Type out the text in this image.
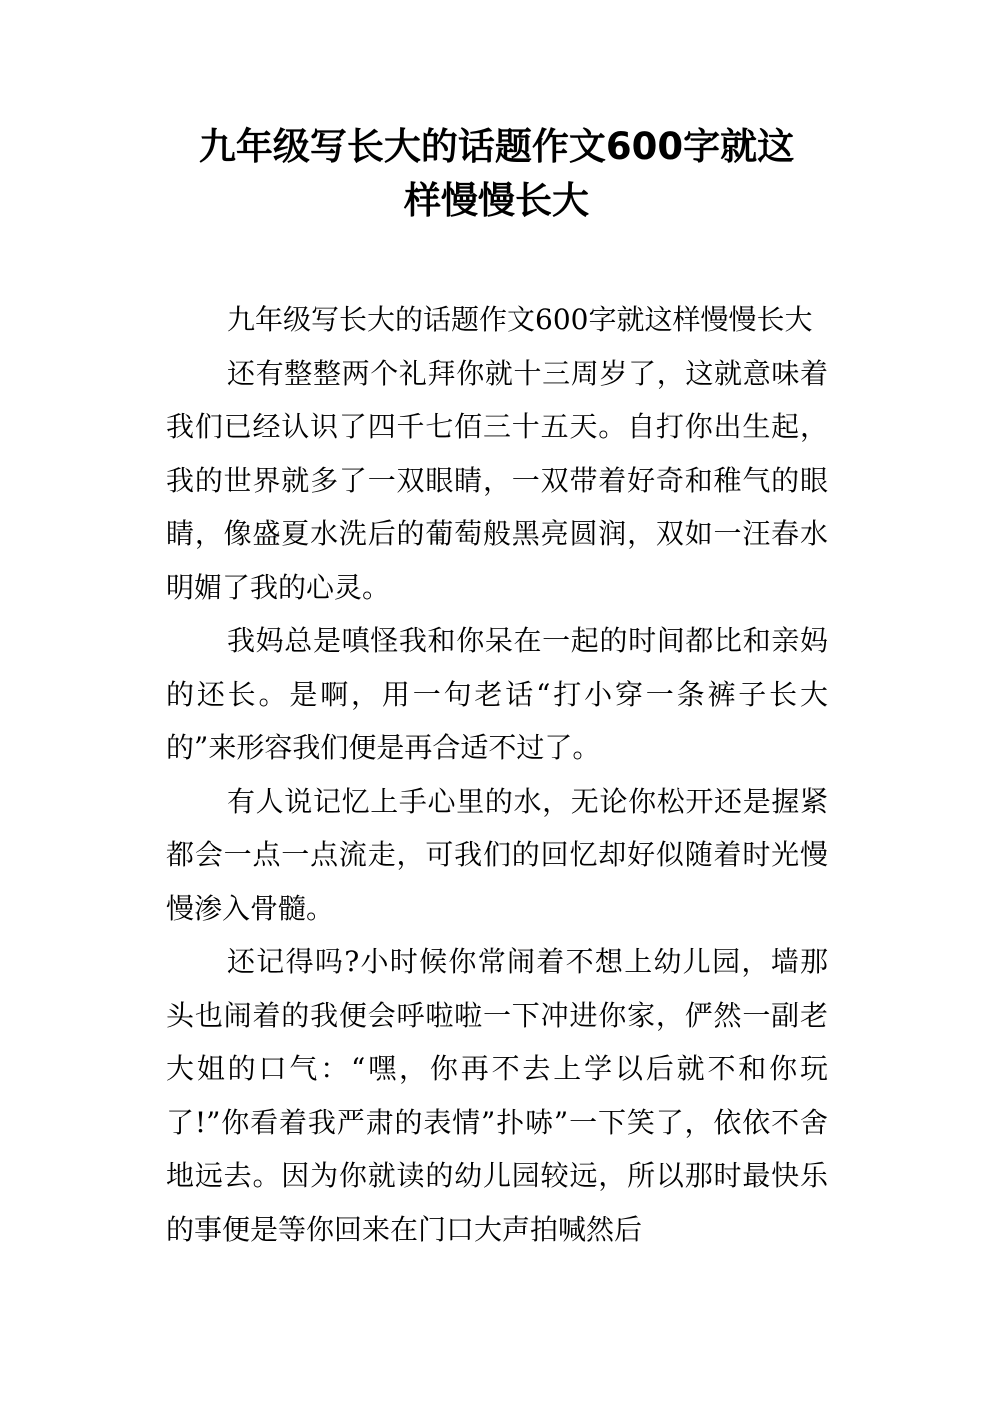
九年级写长大的话题作文600字就这
样慢慢长大

九年级写长大的话题作文600字就这样慢慢长大

还有整整两个礼拜你就十三周岁了，这就意味着我们已经认识了四千七佰三十五天。自打你出生起，我的世界就多了一双眼睛，一双带着好奇和稚气的眼睛，像盛夏水洗后的葡萄般黑亮圆润，双如一汪春水明媚了我的心灵。

我妈总是嗔怪我和你呆在一起的时间都比和亲妈的还长。是啊，用一句老话“打小穿一条裤子长大的”来形容我们便是再合适不过了。

有人说记忆上手心里的水，无论你松开还是握紧都会一点一点流走，可我们的回忆却好似随着时光慢慢渗入骨髓。

还记得吗?小时候你常闹着不想上幼儿园，墙那头也闹着的我便会呼啦啦一下冲进你家，俨然一副老大姐的口气：“嘿，你再不去上学以后就不和你玩了!”你看着我严肃的表情”扑哧”一下笑了，依依不舍地远去。因为你就读的幼儿园较远，所以那时最快乐的事便是等你回来在门口大声拍喊然后
